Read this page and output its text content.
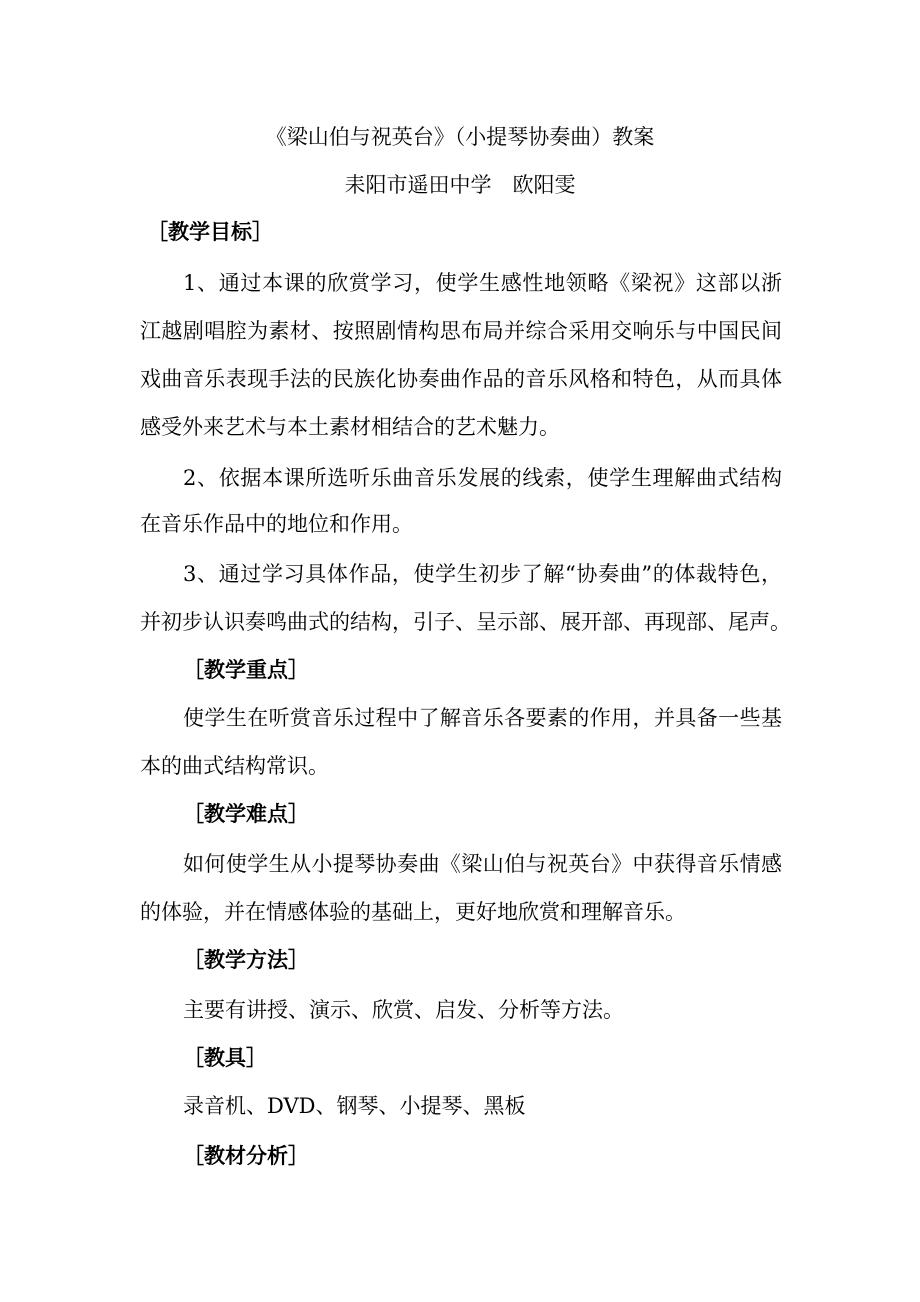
《梁山伯与祝英台》（小提琴协奏曲）教案
耒阳市遥田中学　欧阳雯
［教学目标］
1、通过本课的欣赏学习，使学生感性地领略《梁祝》这部以浙
江越剧唱腔为素材、按照剧情构思布局并综合采用交响乐与中国民间
戏曲音乐表现手法的民族化协奏曲作品的音乐风格和特色，从而具体
感受外来艺术与本土素材相结合的艺术魅力。
2、依据本课所选听乐曲音乐发展的线索，使学生理解曲式结构
在音乐作品中的地位和作用。
3、通过学习具体作品，使学生初步了解“协奏曲”的体裁特色，
并初步认识奏鸣曲式的结构，引子、呈示部、展开部、再现部、尾声。
［教学重点］
使学生在听赏音乐过程中了解音乐各要素的作用，并具备一些基
本的曲式结构常识。
［教学难点］
如何使学生从小提琴协奏曲《梁山伯与祝英台》中获得音乐情感
的体验，并在情感体验的基础上，更好地欣赏和理解音乐。
［教学方法］
主要有讲授、演示、欣赏、启发、分析等方法。
［教具］
录音机、DVD、钢琴、小提琴、黑板
［教材分析］
